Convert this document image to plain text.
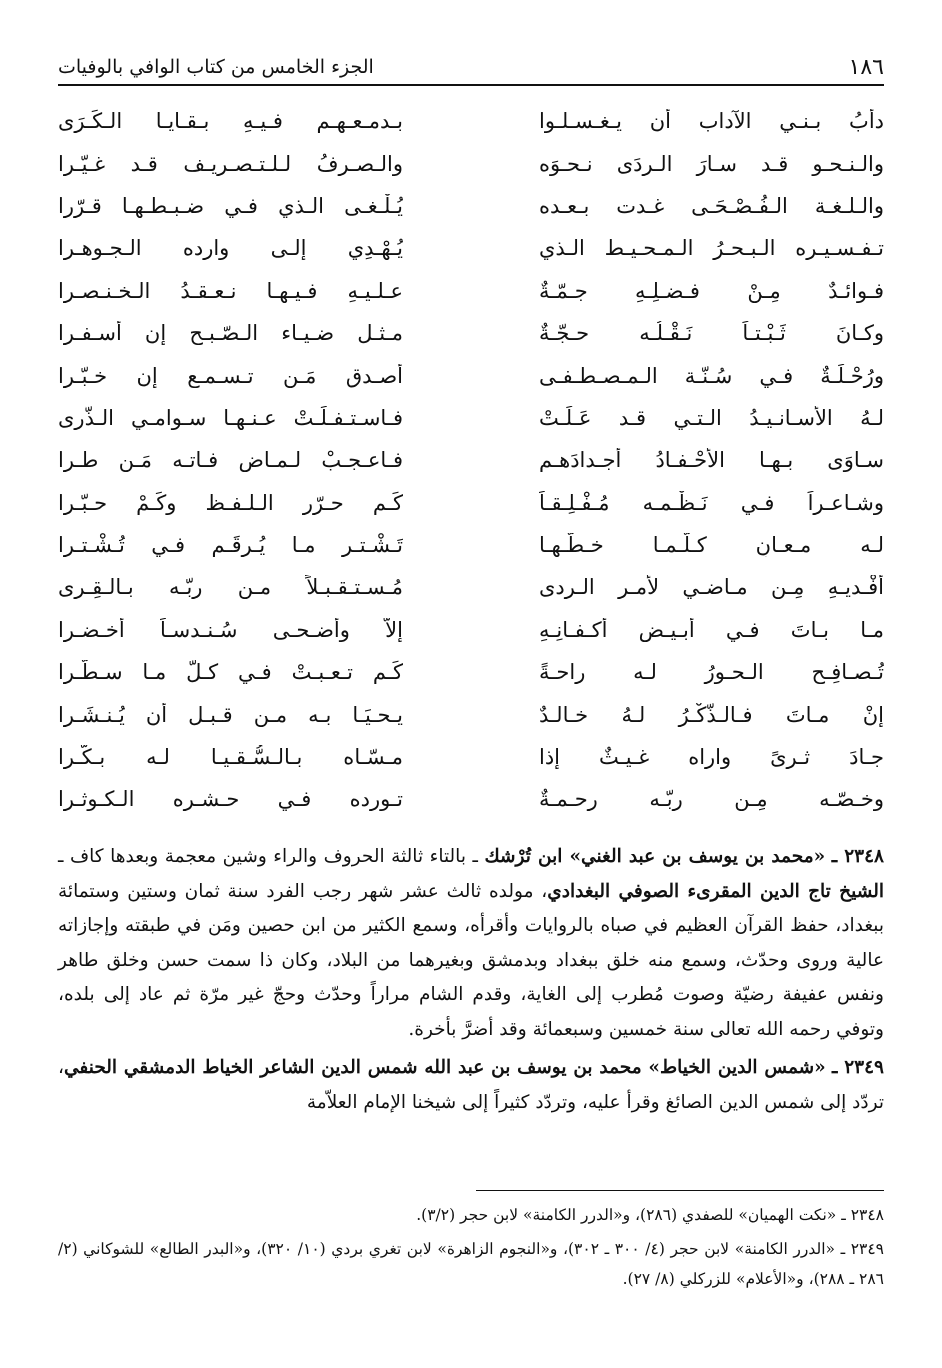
١٨٦
الجزء الخامس من كتاب الوافي بالوفيات
دأبُ بـنـي الآداب أن يـغـسـلـوا
بـدمـعـهـم فـيـهِ بـقـايـا الـكَـرَى
والـنـحـو قـد سـارَ الـردَى نـحـوَه
والـصـرفُ لـلـتـصـريـف قـد غـيّـرا
والـلـغـة الـفُـصْـحَـى غـدت بـعـده
يُـلْـغـى الـذي فـي ضـبـطـهـا قـرّرا
تـفـسـيـره الـبـحـرُ الـمـحـيـط الـذي
يُـهْـدِي إلـى وارده الـجـوهـرا
فـوائـدٌ مِـنْ فـضـلِـهِ جـمّـةٌ
عـلـيـهِ فـيـهـا نـعـقـدُ الـخـنـصـرا
وكـانَ ثَـبْـتـاً نَـقْـلُـه حـجّـةٌ
مـثـل ضـيـاء الـصّـبـح إن أسـفـرا
ورُحْـلَـةٌ فـي سُـنّـة الـمـصـطـفـى
أصـدق مَـن تـسـمـع إن خـبّـرا
لـهُ الأسـانـيـدُ الـتـي قـد عَـلَـتْ
فـاسـتـفـلَـتْ عـنـهـا سـوامـي الـذُّرى
سـاوَى بـهـا الأحْـفـادُ أجـدادَهـم
فـاعـجـبْ لـمـاضٍ فـاتـه مَـن طـرا
وشـاعـراً فـي نَـظْـمـه مُـفْـلِـقـاً
كَـم حـرّر الـلـفـظ وكَـمْ حـبّـرا
لـه مـعـانٍ كـلّـمـا خـطّـهـا
تَـشْـتـر مـا يُـرقَـم فـي تُـشْـتـرا
أفْـديـهِ مِـن مـاضـي لأمـر الـردى
مُـسـتـقـبـلاً مـن ربّـه بـالـقِـرى
مـا بـاتَ فـي أبـيـضِ أكـفـانِـهِ
إلاّ وأضـحـى سُـنـدسـاً أخـضـرا
تُـصـافِـح الـحـورُ لـه راحـةً
كَـم تـعـبـتْ فـي كـلّ مـا سـطّـرا
إنْ مـاتَ فـالـذّكْـرُ لـهُ خـالـدٌ
يـحـيَـا بـه مـن قـبـل أن يُـنـشَـرا
جـادَ ثـرىً واراه غـيـثٌ إذا
مـسّـاه بـالـسُّـقـيـا لـه بـكّـرا
وخـصّـه مِـن ربّـه رحـمـةٌ
تـورده فـي حـشـره الـكـوثـرا

٢٣٤٨ ـ «محمد بن يوسف بن عبد الغني» ابن تُرْشك ـ بالتاء ثالثة الحروف والراء وشين معجمة وبعدها كاف ـ الشيخ تاج الدين المقرىء الصوفي البغدادي، مولده ثالث عشر شهر رجب الفرد سنة ثمان وستين وستمائة ببغداد، حفظ القرآن العظيم في صباه بالروايات وأقرأه، وسمع الكثير من ابن حصين ومَن في طبقته وإجازاته عالية وروى وحدّث، وسمع منه خلق ببغداد وبدمشق وبغيرهما من البلاد، وكان ذا سمت حسن وخلق طاهر ونفس عفيفة رضيّة وصوت مُطرب إلى الغاية، وقدم الشام مراراً وحدّث وحجّ غير مرّة ثم عاد إلى بلده، وتوفي رحمه الله تعالى سنة خمسين وسبعمائة وقد أضرَّ بأخرة.

٢٣٤٩ ـ «شمس الدين الخياط» محمد بن يوسف بن عبد الله شمس الدين الشاعر الخياط الدمشقي الحنفي، تردّد إلى شمس الدين الصائغ وقرأ عليه، وتردّد كثيراً إلى شيخنا الإمام العلاّمة

٢٣٤٨ ـ «نكت الهميان» للصفدي (٢٨٦)، و«الدرر الكامنة» لابن حجر (٣/٢).

٢٣٤٩ ـ «الدرر الكامنة» لابن حجر (٤/ ٣٠٠ ـ ٣٠٢)، و«النجوم الزاهرة» لابن تغري بردي (١٠/ ٣٢٠)، و«البدر الطالع» للشوكاني (٢/ ٢٨٦ ـ ٢٨٨)، و«الأعلام» للزركلي (٨/ ٢٧).
